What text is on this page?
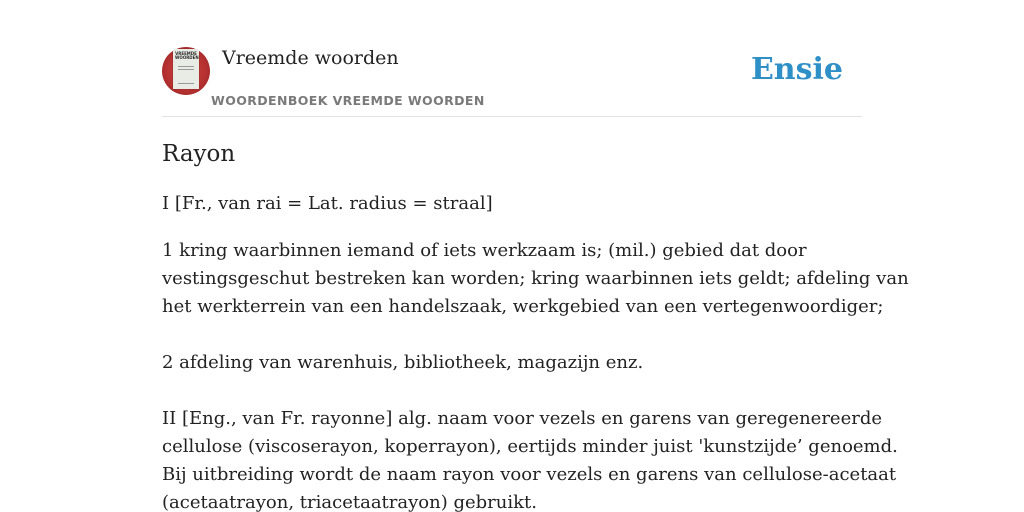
VREEMDE
WOORDEN Vreemde woorden
WOORDENBOEK VREEMDE WOORDEN
Ensie
Rayon
I [Fr., van rai = Lat. radius = straal]
1 kring waarbinnen iemand of iets werkzaam is; (mil.) gebied dat door
vestingsgeschut bestreken kan worden; kring waarbinnen iets geldt; afdeling van
het werkterrein van een handelszaak, werkgebied van een vertegenwoordiger;
2 afdeling van warenhuis, bibliotheek, magazijn enz.
II [Eng., van Fr. rayonne] alg. naam voor vezels en garens van geregenereerde
cellulose (viscoserayon, koperrayon), eertijds minder juist 'kunstzijde’ genoemd.
Bij uitbreiding wordt de naam rayon voor vezels en garens van cellulose-acetaat
(acetaatrayon, triacetaatrayon) gebruikt.
